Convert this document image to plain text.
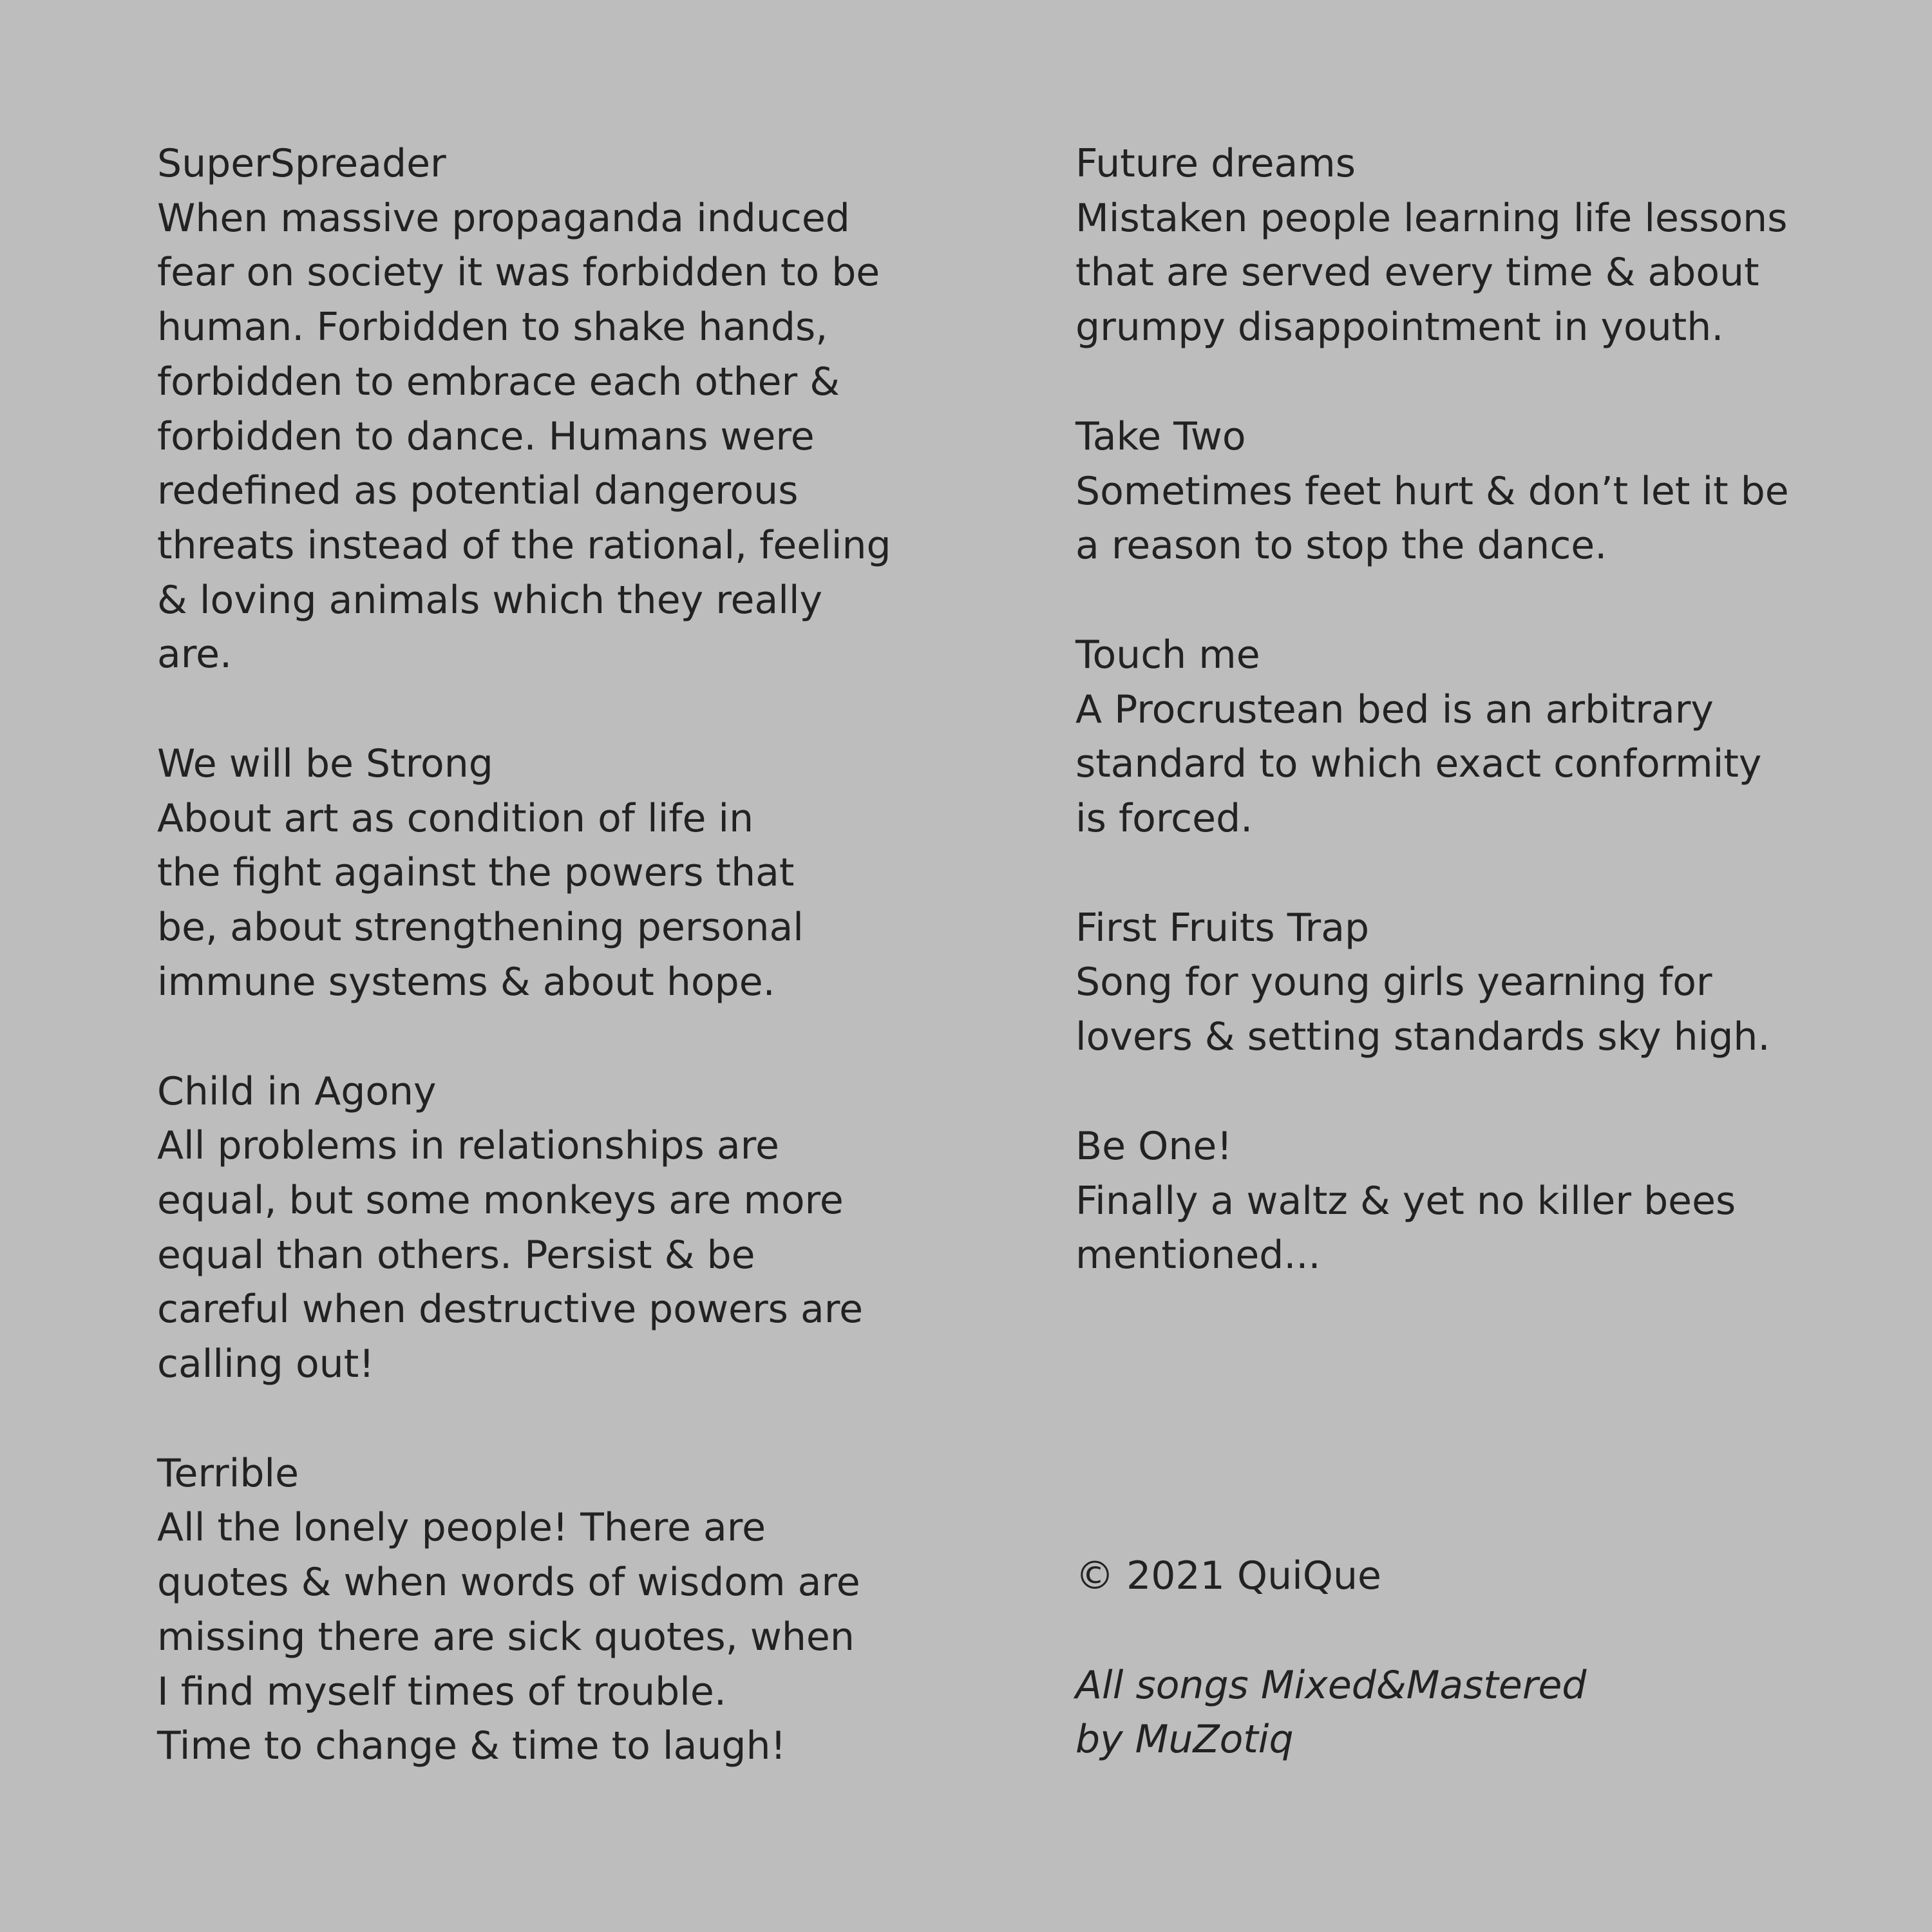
SuperSpreader
When massive propaganda induced
fear on society it was forbidden to be
human. Forbidden to shake hands,
forbidden to embrace each other &
forbidden to dance. Humans were
redefined as potential dangerous
threats instead of the rational, feeling
& loving animals which they really
are.
We will be Strong
About art as condition of life in
the fight against the powers that
be, about strengthening personal
immune systems & about hope.
Child in Agony
All problems in relationships are
equal, but some monkeys are more
equal than others. Persist & be
careful when destructive powers are
calling out!
Terrible
All the lonely people! There are
quotes & when words of wisdom are
missing there are sick quotes, when
I find myself times of trouble.
Time to change & time to laugh!
Future dreams
Mistaken people learning life lessons
that are served every time & about
grumpy disappointment in youth.
Take Two
Sometimes feet hurt & don’t let it be
a reason to stop the dance.
Touch me
A Procrustean bed is an arbitrary
standard to which exact conformity
is forced.
First Fruits Trap
Song for young girls yearning for
lovers & setting standards sky high.
Be One!
Finally a waltz & yet no killer bees
mentioned...
© 2021 QuiQue
All songs Mixed&Mastered
by MuZotiq
